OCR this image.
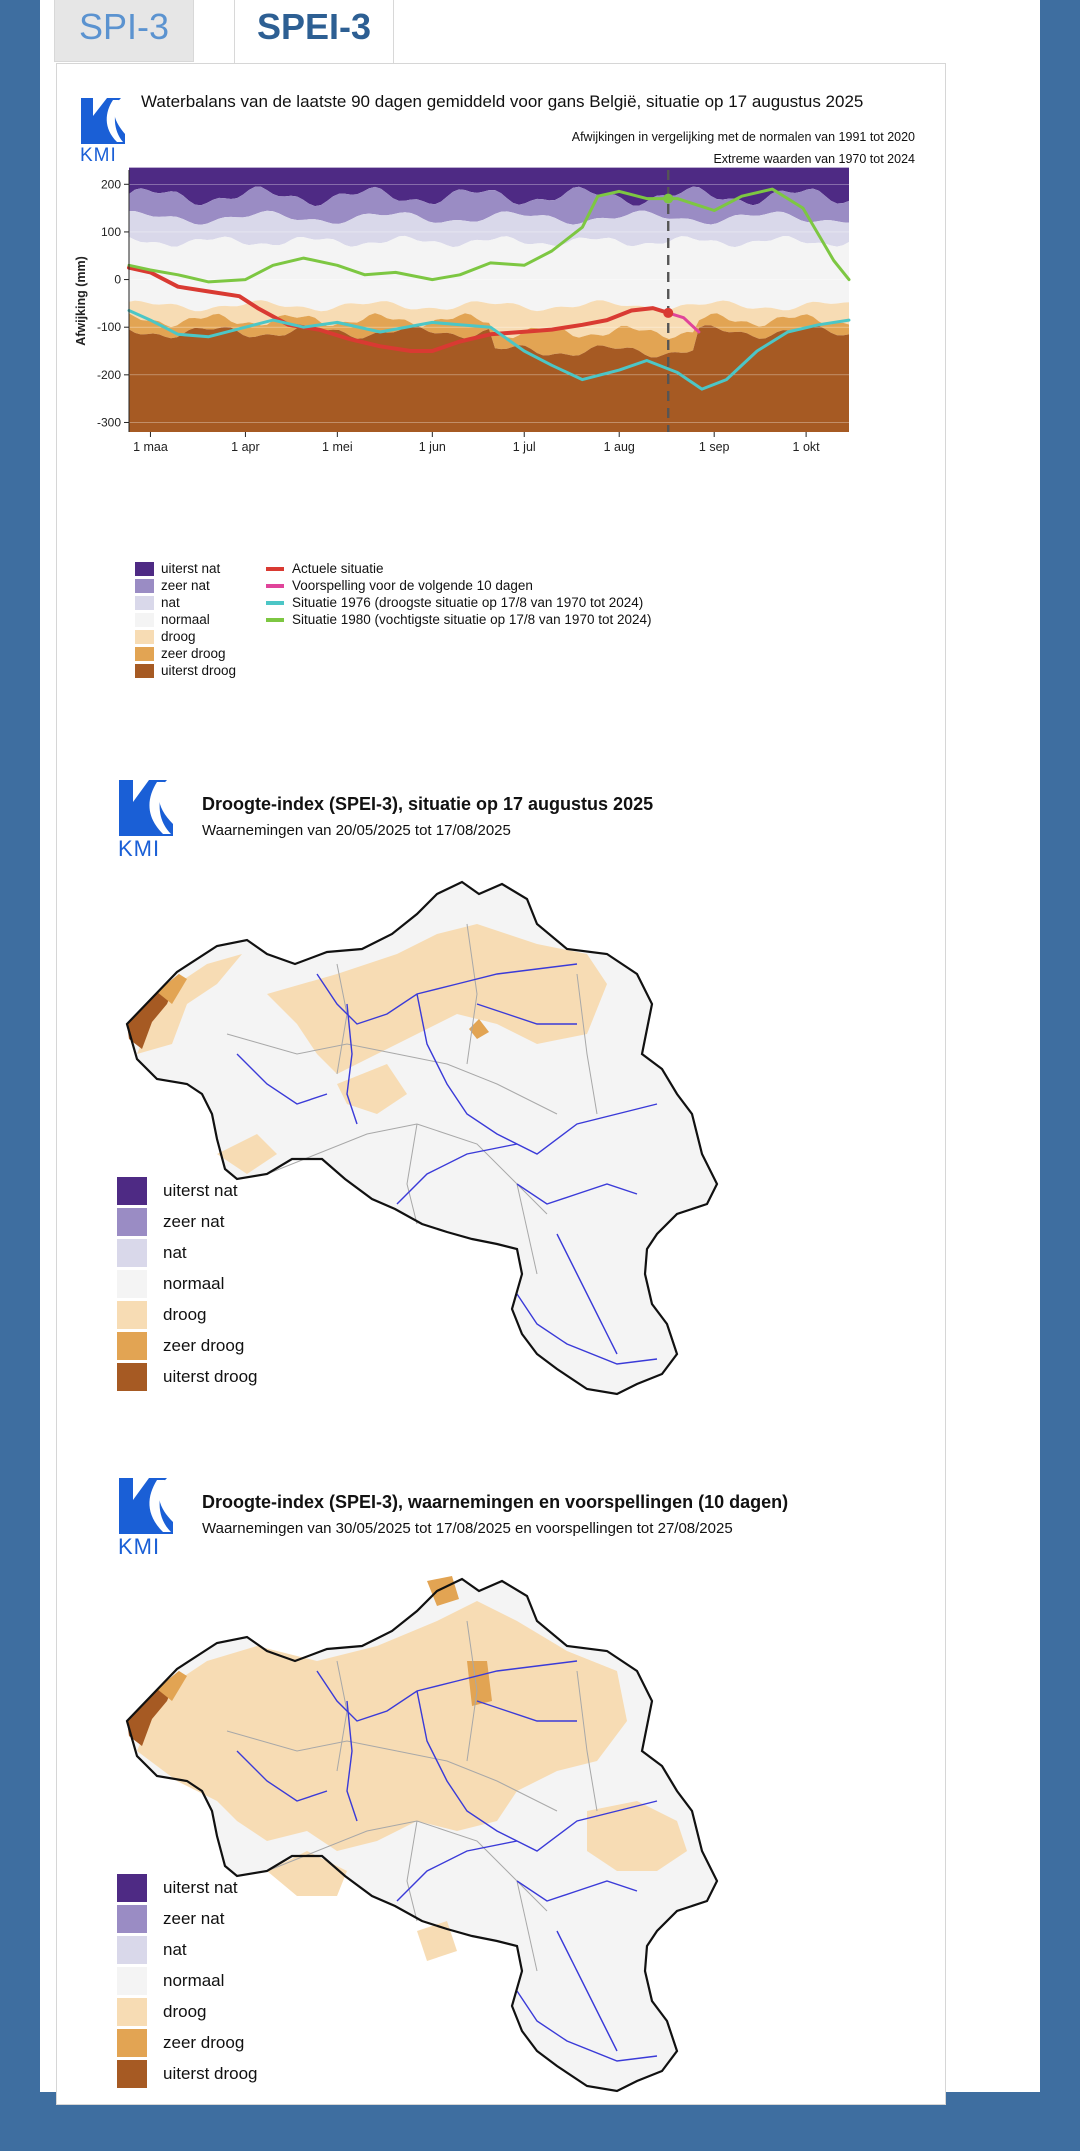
SPI-3	SPEI-3
KMI
Waterbalans van de laatste 90 dagen gemiddeld voor gans België, situatie op 17 augustus 2025
Afwijkingen in vergelijking met de normalen van 1991 tot 2020
Extreme waarden van 1970 tot 2024
200
100
0
-100
-200
-300
1 maa	1 apr	1 mei	1 jun	1 jul	1 aug	1 sep	1 okt
Afwijking (mm)
uiterst nat
zeer nat
nat
normaal
droog
zeer droog
uiterst droog
Actuele situatie
Voorspelling voor de volgende 10 dagen
Situatie 1976 (droogste situatie op 17/8 van 1970 tot 2024)
Situatie 1980 (vochtigste situatie op 17/8 van 1970 tot 2024)
KMI
Droogte-index (SPEI-3), situatie op 17 augustus 2025
Waarnemingen van 20/05/2025 tot 17/08/2025
uiterst nat
zeer nat
nat
normaal
droog
zeer droog
uiterst droog
KMI
Droogte-index (SPEI-3), waarnemingen en voorspellingen (10 dagen)
Waarnemingen van 30/05/2025 tot 17/08/2025 en voorspellingen tot 27/08/2025
uiterst nat
zeer nat
nat
normaal
droog
zeer droog
uiterst droog
